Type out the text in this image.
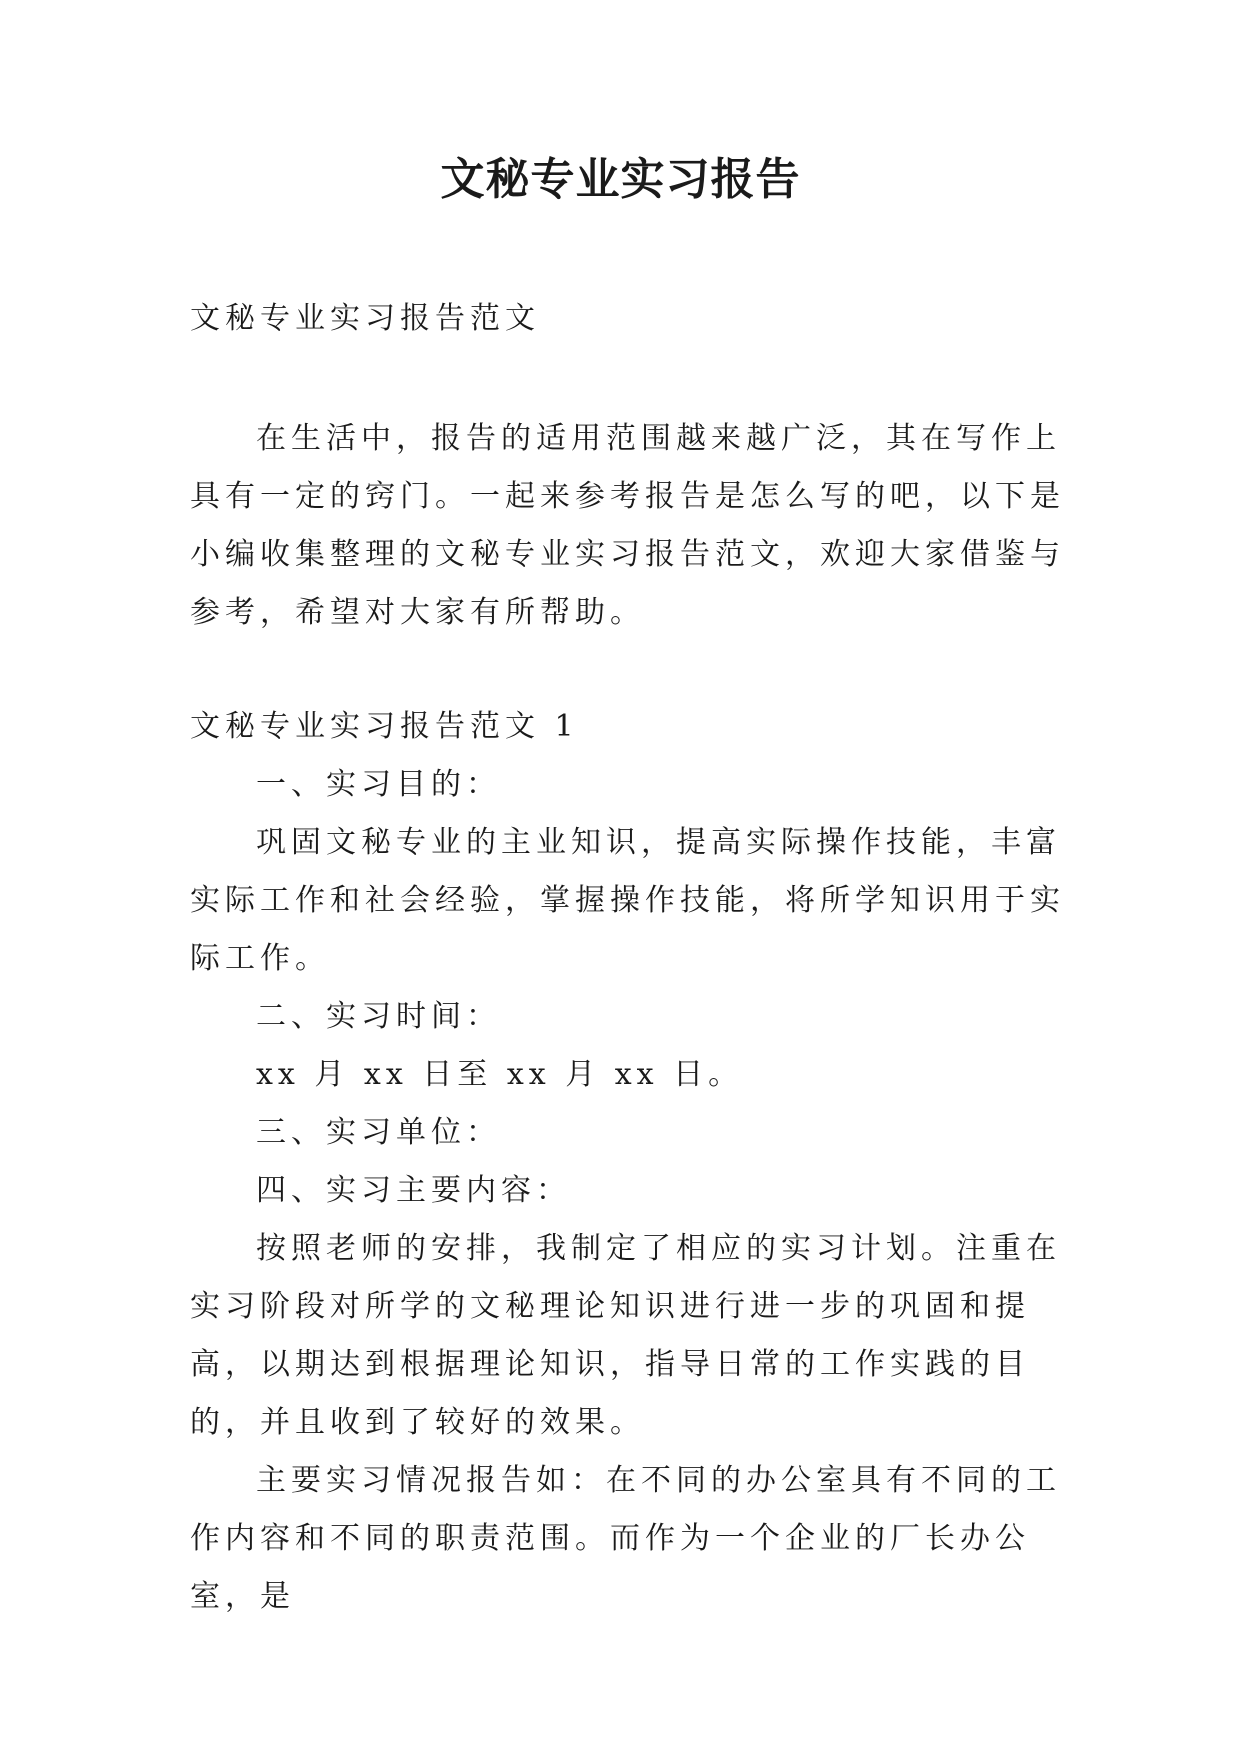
文秘专业实习报告

文秘专业实习报告范文

在生活中，报告的适用范围越来越广泛，其在写作上具有一定的窍门。一起来参考报告是怎么写的吧，以下是小编收集整理的文秘专业实习报告范文，欢迎大家借鉴与参考，希望对大家有所帮助。

文秘专业实习报告范文 1

一、实习目的：

巩固文秘专业的主业知识，提高实际操作技能，丰富实际工作和社会经验，掌握操作技能，将所学知识用于实际工作。

二、实习时间：

xx 月 xx 日至 xx 月 xx 日。

三、实习单位：

四、实习主要内容：

按照老师的安排，我制定了相应的实习计划。注重在实习阶段对所学的文秘理论知识进行进一步的巩固和提高，以期达到根据理论知识，指导日常的工作实践的目的，并且收到了较好的效果。

主要实习情况报告如：在不同的办公室具有不同的工作内容和不同的职责范围。而作为一个企业的厂长办公室，是
